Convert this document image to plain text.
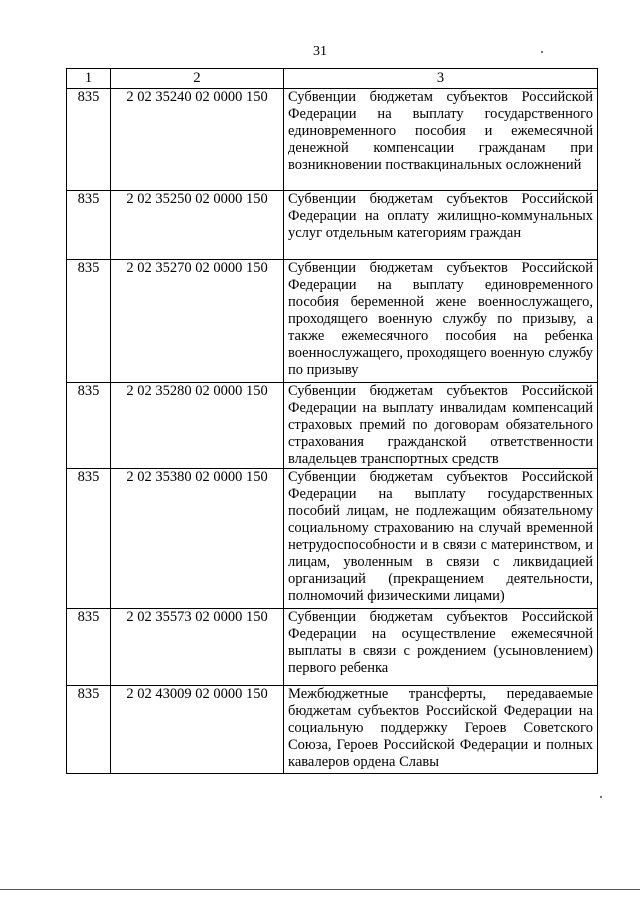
31
1	2	3
835	2 02 35240 02 0000 150	Субвенции бюджетам субъектов Российской Федерации на выплату государственного единовременного пособия и ежемесячной денежной компенсации гражданам при возникновении поствакцинальных осложнений
835	2 02 35250 02 0000 150	Субвенции бюджетам субъектов Российской Федерации на оплату жилищно-коммунальных услуг отдельным категориям граждан
835	2 02 35270 02 0000 150	Субвенции бюджетам субъектов Российской Федерации на выплату единовременного пособия беременной жене военнослужащего, проходящего военную службу по призыву, а также ежемесячного пособия на ребенка военнослужащего, проходящего военную службу по призыву
835	2 02 35280 02 0000 150	Субвенции бюджетам субъектов Российской Федерации на выплату инвалидам компенсаций страховых премий по договорам обязательного страхования гражданской ответственности владельцев транспортных средств
835	2 02 35380 02 0000 150	Субвенции бюджетам субъектов Российской Федерации на выплату государственных пособий лицам, не подлежащим обязательному социальному страхованию на случай временной нетрудоспособности и в связи с материнством, и лицам, уволенным в связи с ликвидацией организаций (прекращением деятельности, полномочий физическими лицами)
835	2 02 35573 02 0000 150	Субвенции бюджетам субъектов Российской Федерации на осуществление ежемесячной выплаты в связи с рождением (усыновлением) первого ребенка
835	2 02 43009 02 0000 150	Межбюджетные трансферты, передаваемые бюджетам субъектов Российской Федерации на социальную поддержку Героев Советского Союза, Героев Российской Федерации и полных кавалеров ордена Славы
